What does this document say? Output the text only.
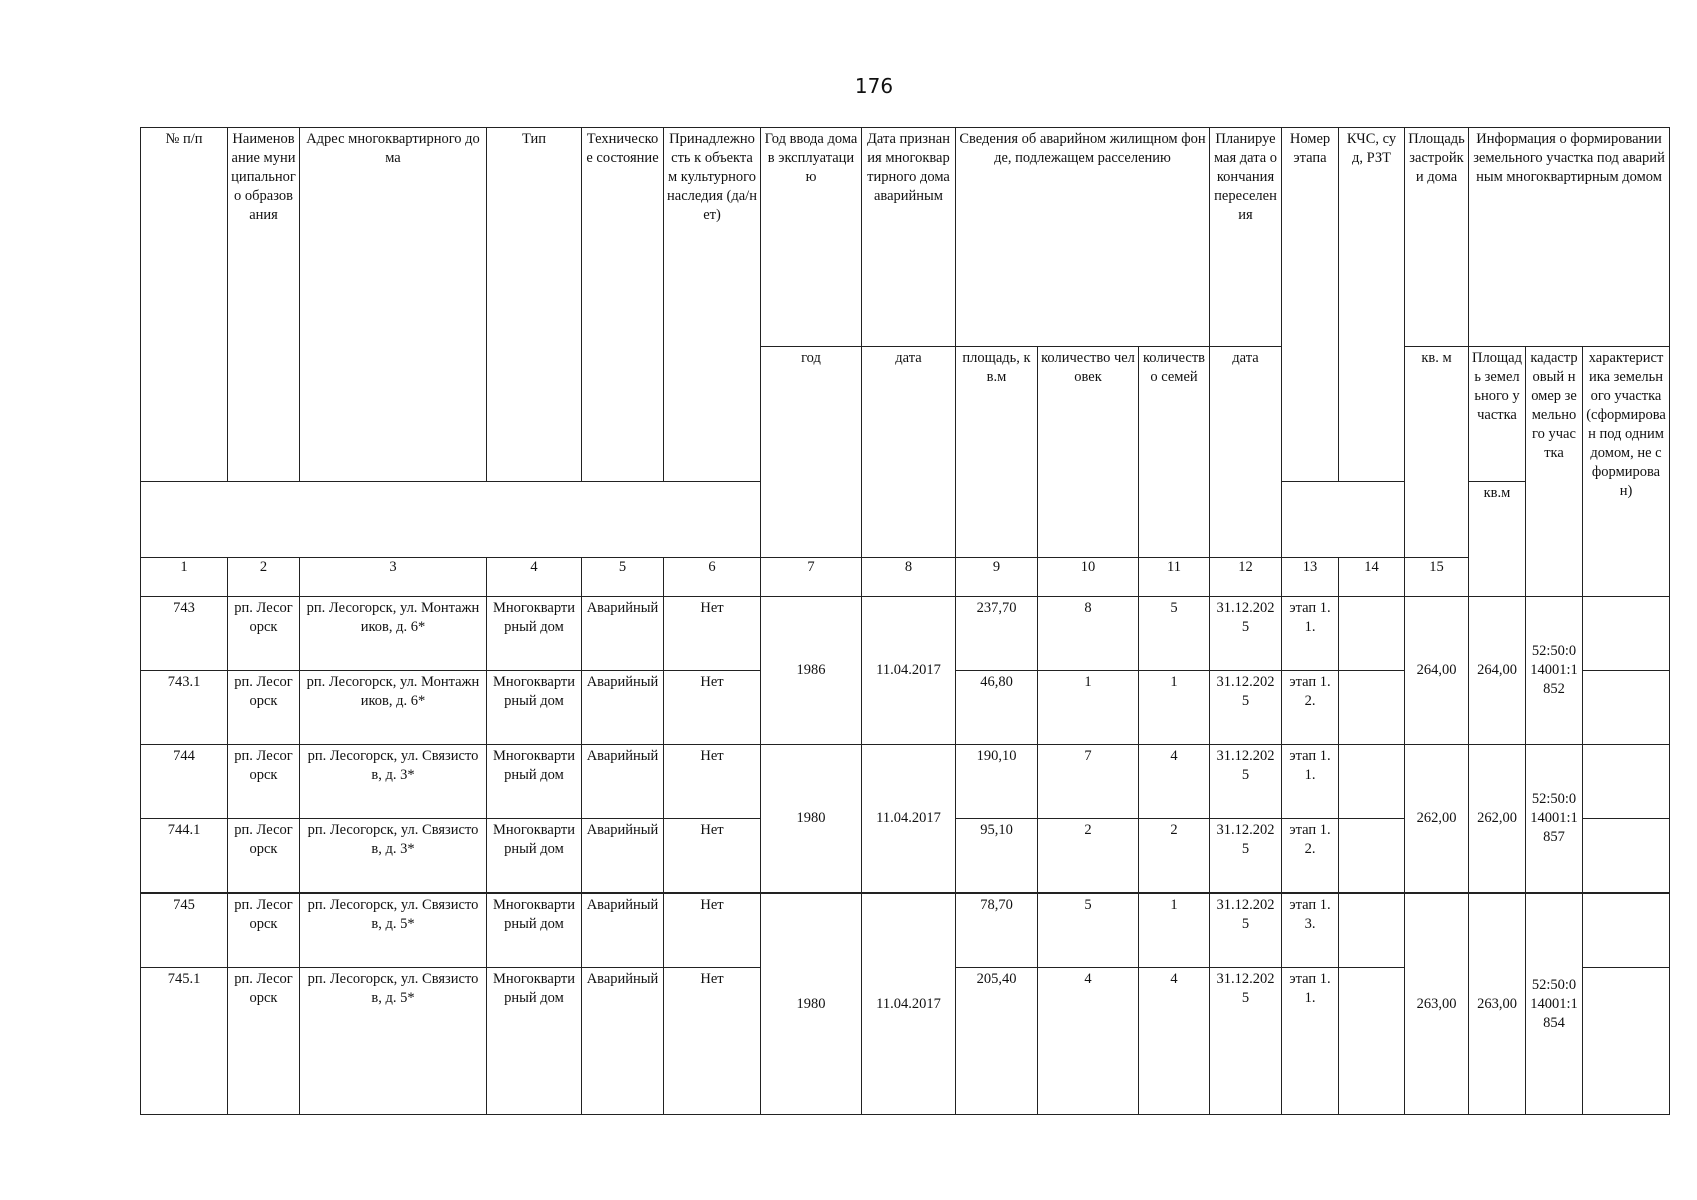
176
№ п/п	Наименование муниципального образования	Адрес многоквартирного дома	Тип	Техническое состояние	Принадлежность к объектам культурного наследия (да/нет)	Год ввода дома в эксплуатацию	Дата признания многоквартирного дома аварийным	Сведения об аварийном жилищном фонде, подлежащем расселению			Планируемая дата окончания переселения	Номер этапа	КЧС, суд, РЗТ	Площадь застройки дома	Информация о формировании земельного участка под аварийным многоквартирным домом			
						год	дата	площадь, кв.м	количество человек	количество семей	дата			кв. м	Площадь земельного участка	кадастровый номер земельного участка	характеристика земельного участка (сформирован под одним домом, не сформирован)	
															кв.м			
1	2	3	4	5	6	7	8	9	10	11	12	13	14	15			
743	рп. Лесогорск	рп. Лесогорск, ул. Монтажников, д. 6*	Многоквартирный дом	Аварийный	Нет	1986	11.04.2017	237,70	8	5	31.12.2025	этап 1.1.		264,00	264,00	52:50:014001:1852		
743.1	рп. Лесогорск	рп. Лесогорск, ул. Монтажников, д. 6*	Многоквартирный дом	Аварийный	Нет			46,80	1	1	31.12.2025	этап 1.2.						
744	рп. Лесогорск	рп. Лесогорск, ул. Связистов, д. 3*	Многоквартирный дом	Аварийный	Нет	1980	11.04.2017	190,10	7	4	31.12.2025	этап 1.1.		262,00	262,00	52:50:014001:1857		
744.1	рп. Лесогорск	рп. Лесогорск, ул. Связистов, д. 3*	Многоквартирный дом	Аварийный	Нет			95,10	2	2	31.12.2025	этап 1.2.						
745	рп. Лесогорск	рп. Лесогорск, ул. Связистов, д. 5*	Многоквартирный дом	Аварийный	Нет	1980	11.04.2017	78,70	5	1	31.12.2025	этап 1.3.		263,00	263,00	52:50:014001:1854		
745.1	рп. Лесогорск	рп. Лесогорск, ул. Связистов, д. 5*	Многоквартирный дом	Аварийный	Нет			205,40	4	4	31.12.2025	этап 1.1.						
